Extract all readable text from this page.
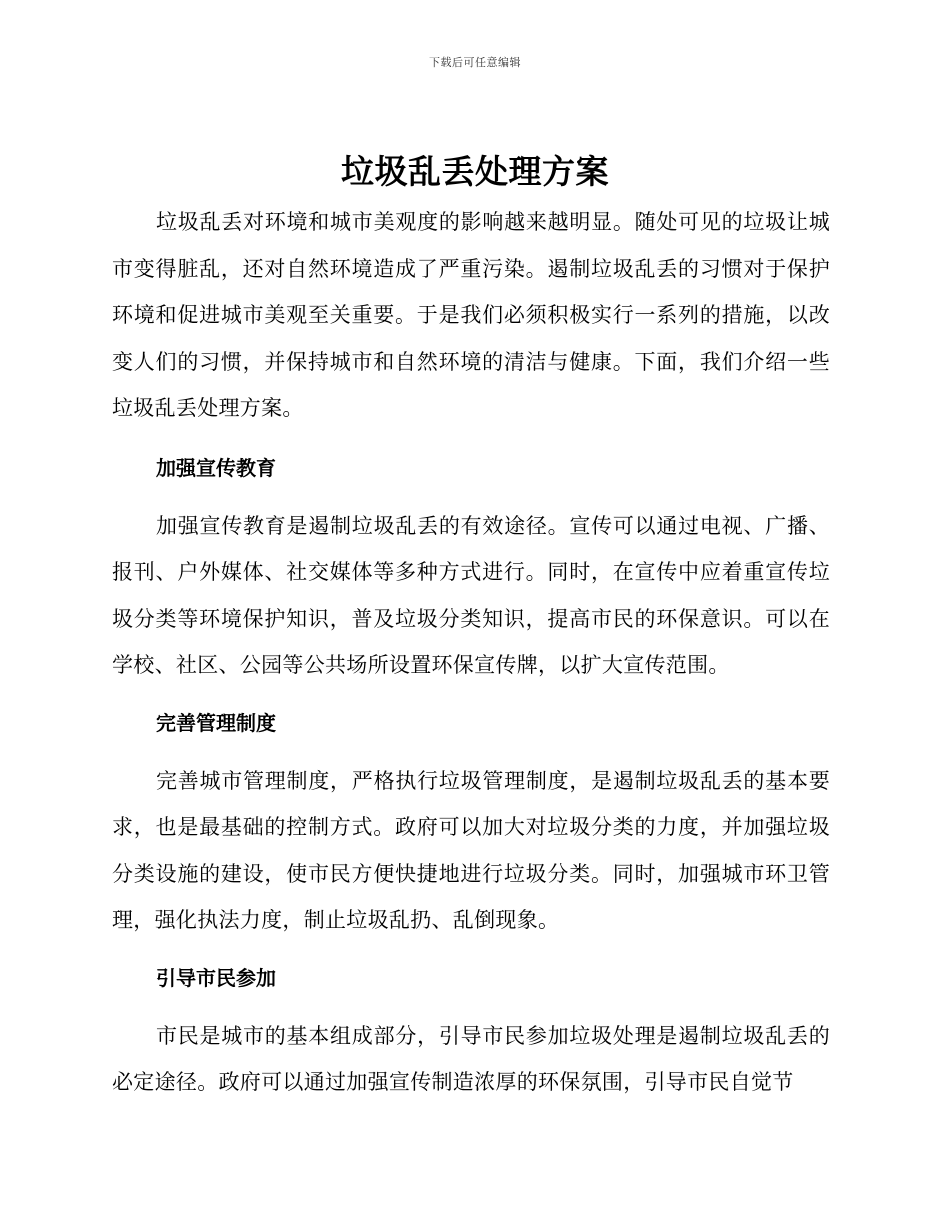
下载后可任意编辑
垃圾乱丢处理方案

垃圾乱丢对环境和城市美观度的影响越来越明显。随处可见的垃圾让城市变得脏乱，还对自然环境造成了严重污染。遏制垃圾乱丢的习惯对于保护环境和促进城市美观至关重要。于是我们必须积极实行一系列的措施，以改变人们的习惯，并保持城市和自然环境的清洁与健康。下面，我们介绍一些垃圾乱丢处理方案。

加强宣传教育

加强宣传教育是遏制垃圾乱丢的有效途径。宣传可以通过电视、广播、报刊、户外媒体、社交媒体等多种方式进行。同时，在宣传中应着重宣传垃圾分类等环境保护知识，普及垃圾分类知识，提高市民的环保意识。可以在学校、社区、公园等公共场所设置环保宣传牌，以扩大宣传范围。

完善管理制度

完善城市管理制度，严格执行垃圾管理制度，是遏制垃圾乱丢的基本要求，也是最基础的控制方式。政府可以加大对垃圾分类的力度，并加强垃圾分类设施的建设，使市民方便快捷地进行垃圾分类。同时，加强城市环卫管理，强化执法力度，制止垃圾乱扔、乱倒现象。

引导市民参加

市民是城市的基本组成部分，引导市民参加垃圾处理是遏制垃圾乱丢的必定途径。政府可以通过加强宣传制造浓厚的环保氛围，引导市民自觉节
